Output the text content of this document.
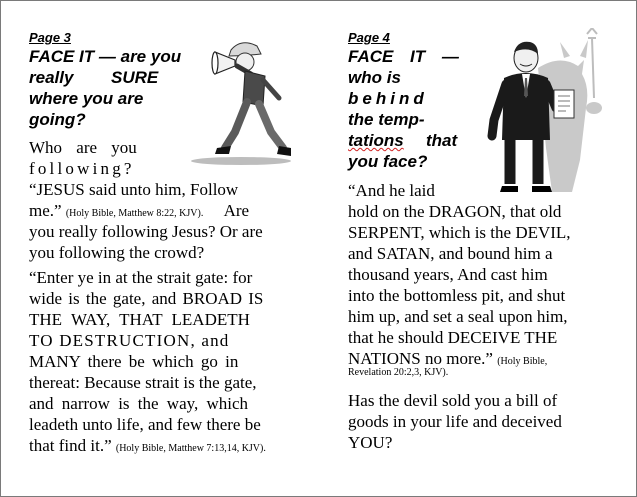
Page 3
FACE IT — are you
really SURE
where you are
going?
Who are you
following?
“JESUS said unto him, Follow
me.” (Holy Bible, Matthew 8:22, KJV). Are
you really following Jesus? Or are
you following the crowd?
“Enter ye in at the strait gate: for
wide is the gate, and BROAD IS
THE WAY, THAT LEADETH
TO DESTRUCTION, and
MANY there be which go in
thereat: Because strait is the gate,
and narrow is the way, which
leadeth unto life, and few there be
that find it.” (Holy Bible, Matthew 7:13,14, KJV).
Page 4
FACE IT —
who is
behind
the temp-
tations that
you face?
“And he laid
hold on the DRAGON, that old
SERPENT, which is the DEVIL,
and SATAN, and bound him a
thousand years, And cast him
into the bottomless pit, and shut
him up, and set a seal upon him,
that he should DECEIVE THE
NATIONS no more.” (Holy Bible,
Revelation 20:2,3, KJV).
Has the devil sold you a bill of
goods in your life and deceived
YOU?
